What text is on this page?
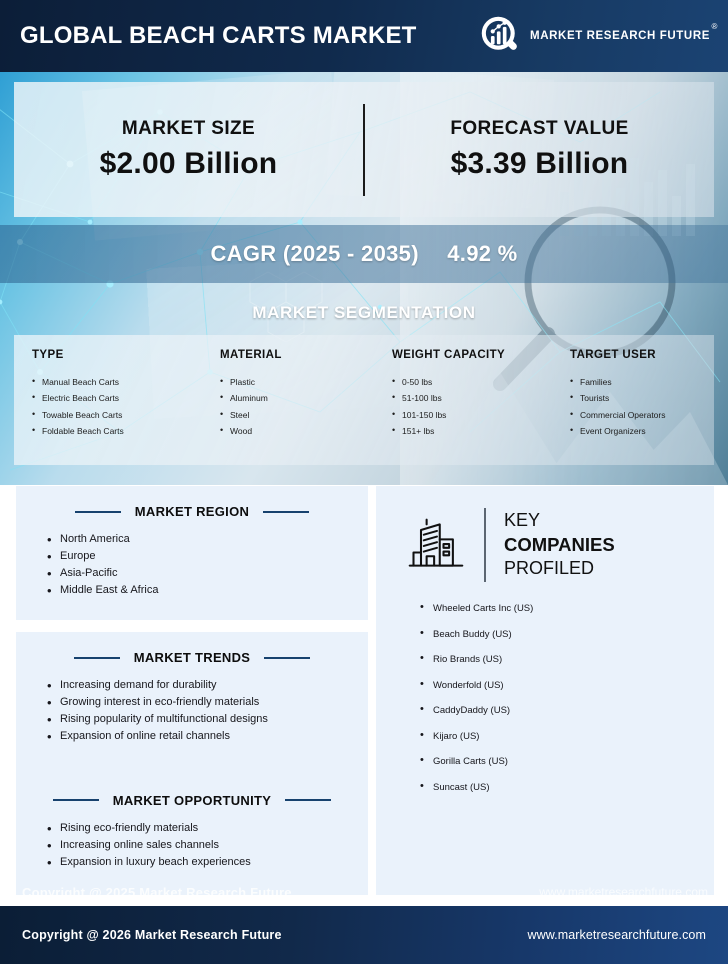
GLOBAL BEACH CARTS MARKET	MARKET RESEARCH FUTURE
®
MARKET SIZE
$2.00 Billion
FORECAST VALUE
$3.39 Billion
CAGR (2025 - 2035) 4.92 %
MARKET SEGMENTATION
TYPE
• Manual Beach Carts
• Electric Beach Carts
• Towable Beach Carts
• Foldable Beach Carts
MATERIAL
• Plastic
• Aluminum
• Steel
• Wood
WEIGHT CAPACITY
• 0-50 lbs
• 51-100 lbs
• 101-150 lbs
• 151+ lbs
TARGET USER
• Families
• Tourists
• Commercial Operators
• Event Organizers
MARKET REGION
• North America
• Europe
• Asia-Pacific
• Middle East & Africa
MARKET TRENDS
• Increasing demand for durability
• Growing interest in eco-friendly materials
• Rising popularity of multifunctional designs
• Expansion of online retail channels
MARKET OPPORTUNITY
• Rising eco-friendly materials
• Increasing online sales channels
• Expansion in luxury beach experiences
KEY
COMPANIES
PROFILED
• Wheeled Carts Inc (US)
• Beach Buddy (US)
• Rio Brands (US)
• Wonderfold (US)
• CaddyDaddy (US)
• Kijaro (US)
• Gorilla Carts (US)
• Suncast (US)
Copyright @ 2025 Market Research Future	www.marketresearchfuture.com
Copyright @ 2026 Market Research Future	www.marketresearchfuture.com
